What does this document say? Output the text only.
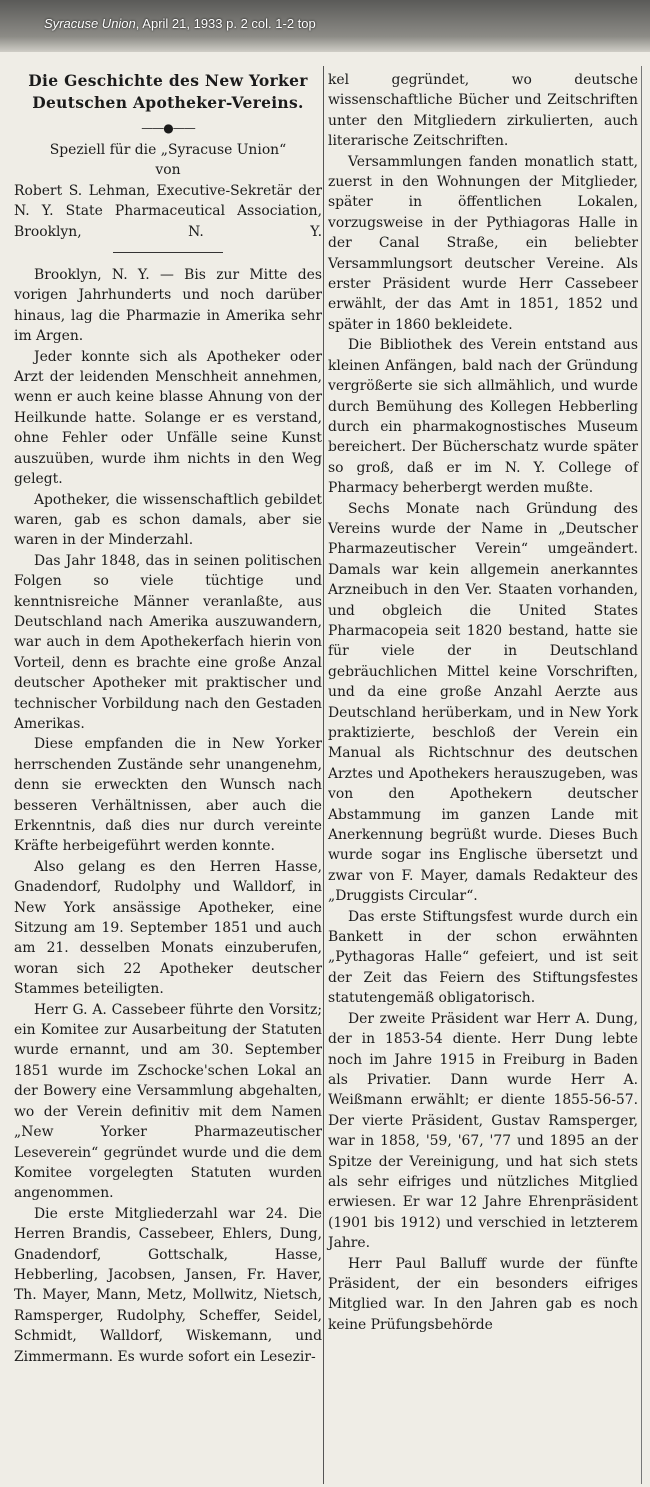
Syracuse Union, April 21, 1933 p. 2 col. 1-2 top

Die Geschichte des New Yorker
Deutschen Apotheker-Vereins.
——●——

Speziell für die „Syracuse Union“

von

Robert S. Lehman, Executive-Sekretär der N. Y. State Pharmaceutical Association, Brooklyn, N. Y.

Brooklyn, N. Y. — Bis zur Mitte des vorigen Jahrhunderts und noch darüber hinaus, lag die Pharmazie in Amerika sehr im Argen.

Jeder konnte sich als Apotheker oder Arzt der leidenden Menschheit annehmen, wenn er auch keine blasse Ahnung von der Heilkunde hatte. Solange er es verstand, ohne Fehler oder Unfälle seine Kunst auszuüben, wurde ihm nichts in den Weg gelegt.

Apotheker, die wissenschaftlich gebildet waren, gab es schon damals, aber sie waren in der Minderzahl.

Das Jahr 1848, das in seinen politischen Folgen so viele tüchtige und kenntnisreiche Männer veranlaßte, aus Deutschland nach Amerika auszuwandern, war auch in dem Apothekerfach hierin von Vorteil, denn es brachte eine große Anzal deutscher Apotheker mit praktischer und technischer Vorbildung nach den Gestaden Amerikas.

Diese empfanden die in New Yorker herrschenden Zustände sehr unangenehm, denn sie erweckten den Wunsch nach besseren Verhältnissen, aber auch die Erkenntnis, daß dies nur durch vereinte Kräfte herbeigeführt werden konnte.

Also gelang es den Herren Hasse, Gnadendorf, Rudolphy und Walldorf, in New York ansässige Apotheker, eine Sitzung am 19. September 1851 und auch am 21. desselben Monats einzuberufen, woran sich 22 Apotheker deutscher Stammes beteiligten.

Herr G. A. Cassebeer führte den Vorsitz; ein Komitee zur Ausarbeitung der Statuten wurde ernannt, und am 30. September 1851 wurde im Zschocke'schen Lokal an der Bowery eine Versammlung abgehalten, wo der Verein definitiv mit dem Namen „New Yorker Pharmazeutischer Leseverein“ gegründet wurde und die dem Komitee vorgelegten Statuten wurden angenommen.

Die erste Mitgliederzahl war 24. Die Herren Brandis, Cassebeer, Ehlers, Dung, Gnadendorf, Gottschalk, Hasse, Hebberling, Jacobsen, Jansen, Fr. Haver, Th. Mayer, Mann, Metz, Mollwitz, Nietsch, Ramsperger, Rudolphy, Scheffer, Seidel, Schmidt, Walldorf, Wiskemann, und Zimmermann. Es wurde sofort ein Lesezir-

kel gegründet, wo deutsche wissenschaftliche Bücher und Zeitschriften unter den Mitgliedern zirkulierten, auch literarische Zeitschriften.

Versammlungen fanden monatlich statt, zuerst in den Wohnungen der Mitglieder, später in öffentlichen Lokalen, vorzugsweise in der Pythiagoras Halle in der Canal Straße, ein beliebter Versammlungsort deutscher Vereine. Als erster Präsident wurde Herr Cassebeer erwählt, der das Amt in 1851, 1852 und später in 1860 bekleidete.

Die Bibliothek des Verein entstand aus kleinen Anfängen, bald nach der Gründung vergrößerte sie sich allmählich, und wurde durch Bemühung des Kollegen Hebberling durch ein pharmakognostisches Museum bereichert. Der Bücherschatz wurde später so groß, daß er im N. Y. College of Pharmacy beherbergt werden mußte.

Sechs Monate nach Gründung des Vereins wurde der Name in „Deutscher Pharmazeutischer Verein“ umgeändert. Damals war kein allgemein anerkanntes Arzneibuch in den Ver. Staaten vorhanden, und obgleich die United States Pharmacopeia seit 1820 bestand, hatte sie für viele der in Deutschland gebräuchlichen Mittel keine Vorschriften, und da eine große Anzahl Aerzte aus Deutschland herüberkam, und in New York praktizierte, beschloß der Verein ein Manual als Richtschnur des deutschen Arztes und Apothekers herauszugeben, was von den Apothekern deutscher Abstammung im ganzen Lande mit Anerkennung begrüßt wurde. Dieses Buch wurde sogar ins Englische übersetzt und zwar von F. Mayer, damals Redakteur des „Druggists Circular“.

Das erste Stiftungsfest wurde durch ein Bankett in der schon erwähnten „Pythagoras Halle“ gefeiert, und ist seit der Zeit das Feiern des Stiftungsfestes statutengemäß obligatorisch.

Der zweite Präsident war Herr A. Dung, der in 1853-54 diente. Herr Dung lebte noch im Jahre 1915 in Freiburg in Baden als Privatier. Dann wurde Herr A. Weißmann erwählt; er diente 1855-56-57. Der vierte Präsident, Gustav Ramsperger, war in 1858, '59, '67, '77 und 1895 an der Spitze der Vereinigung, und hat sich stets als sehr eifriges und nützliches Mitglied erwiesen. Er war 12 Jahre Ehrenpräsident (1901 bis 1912) und verschied in letzterem Jahre.

Herr Paul Balluff wurde der fünfte Präsident, der ein besonders eifriges Mitglied war. In den Jahren gab es noch keine Prüfungsbehörde
